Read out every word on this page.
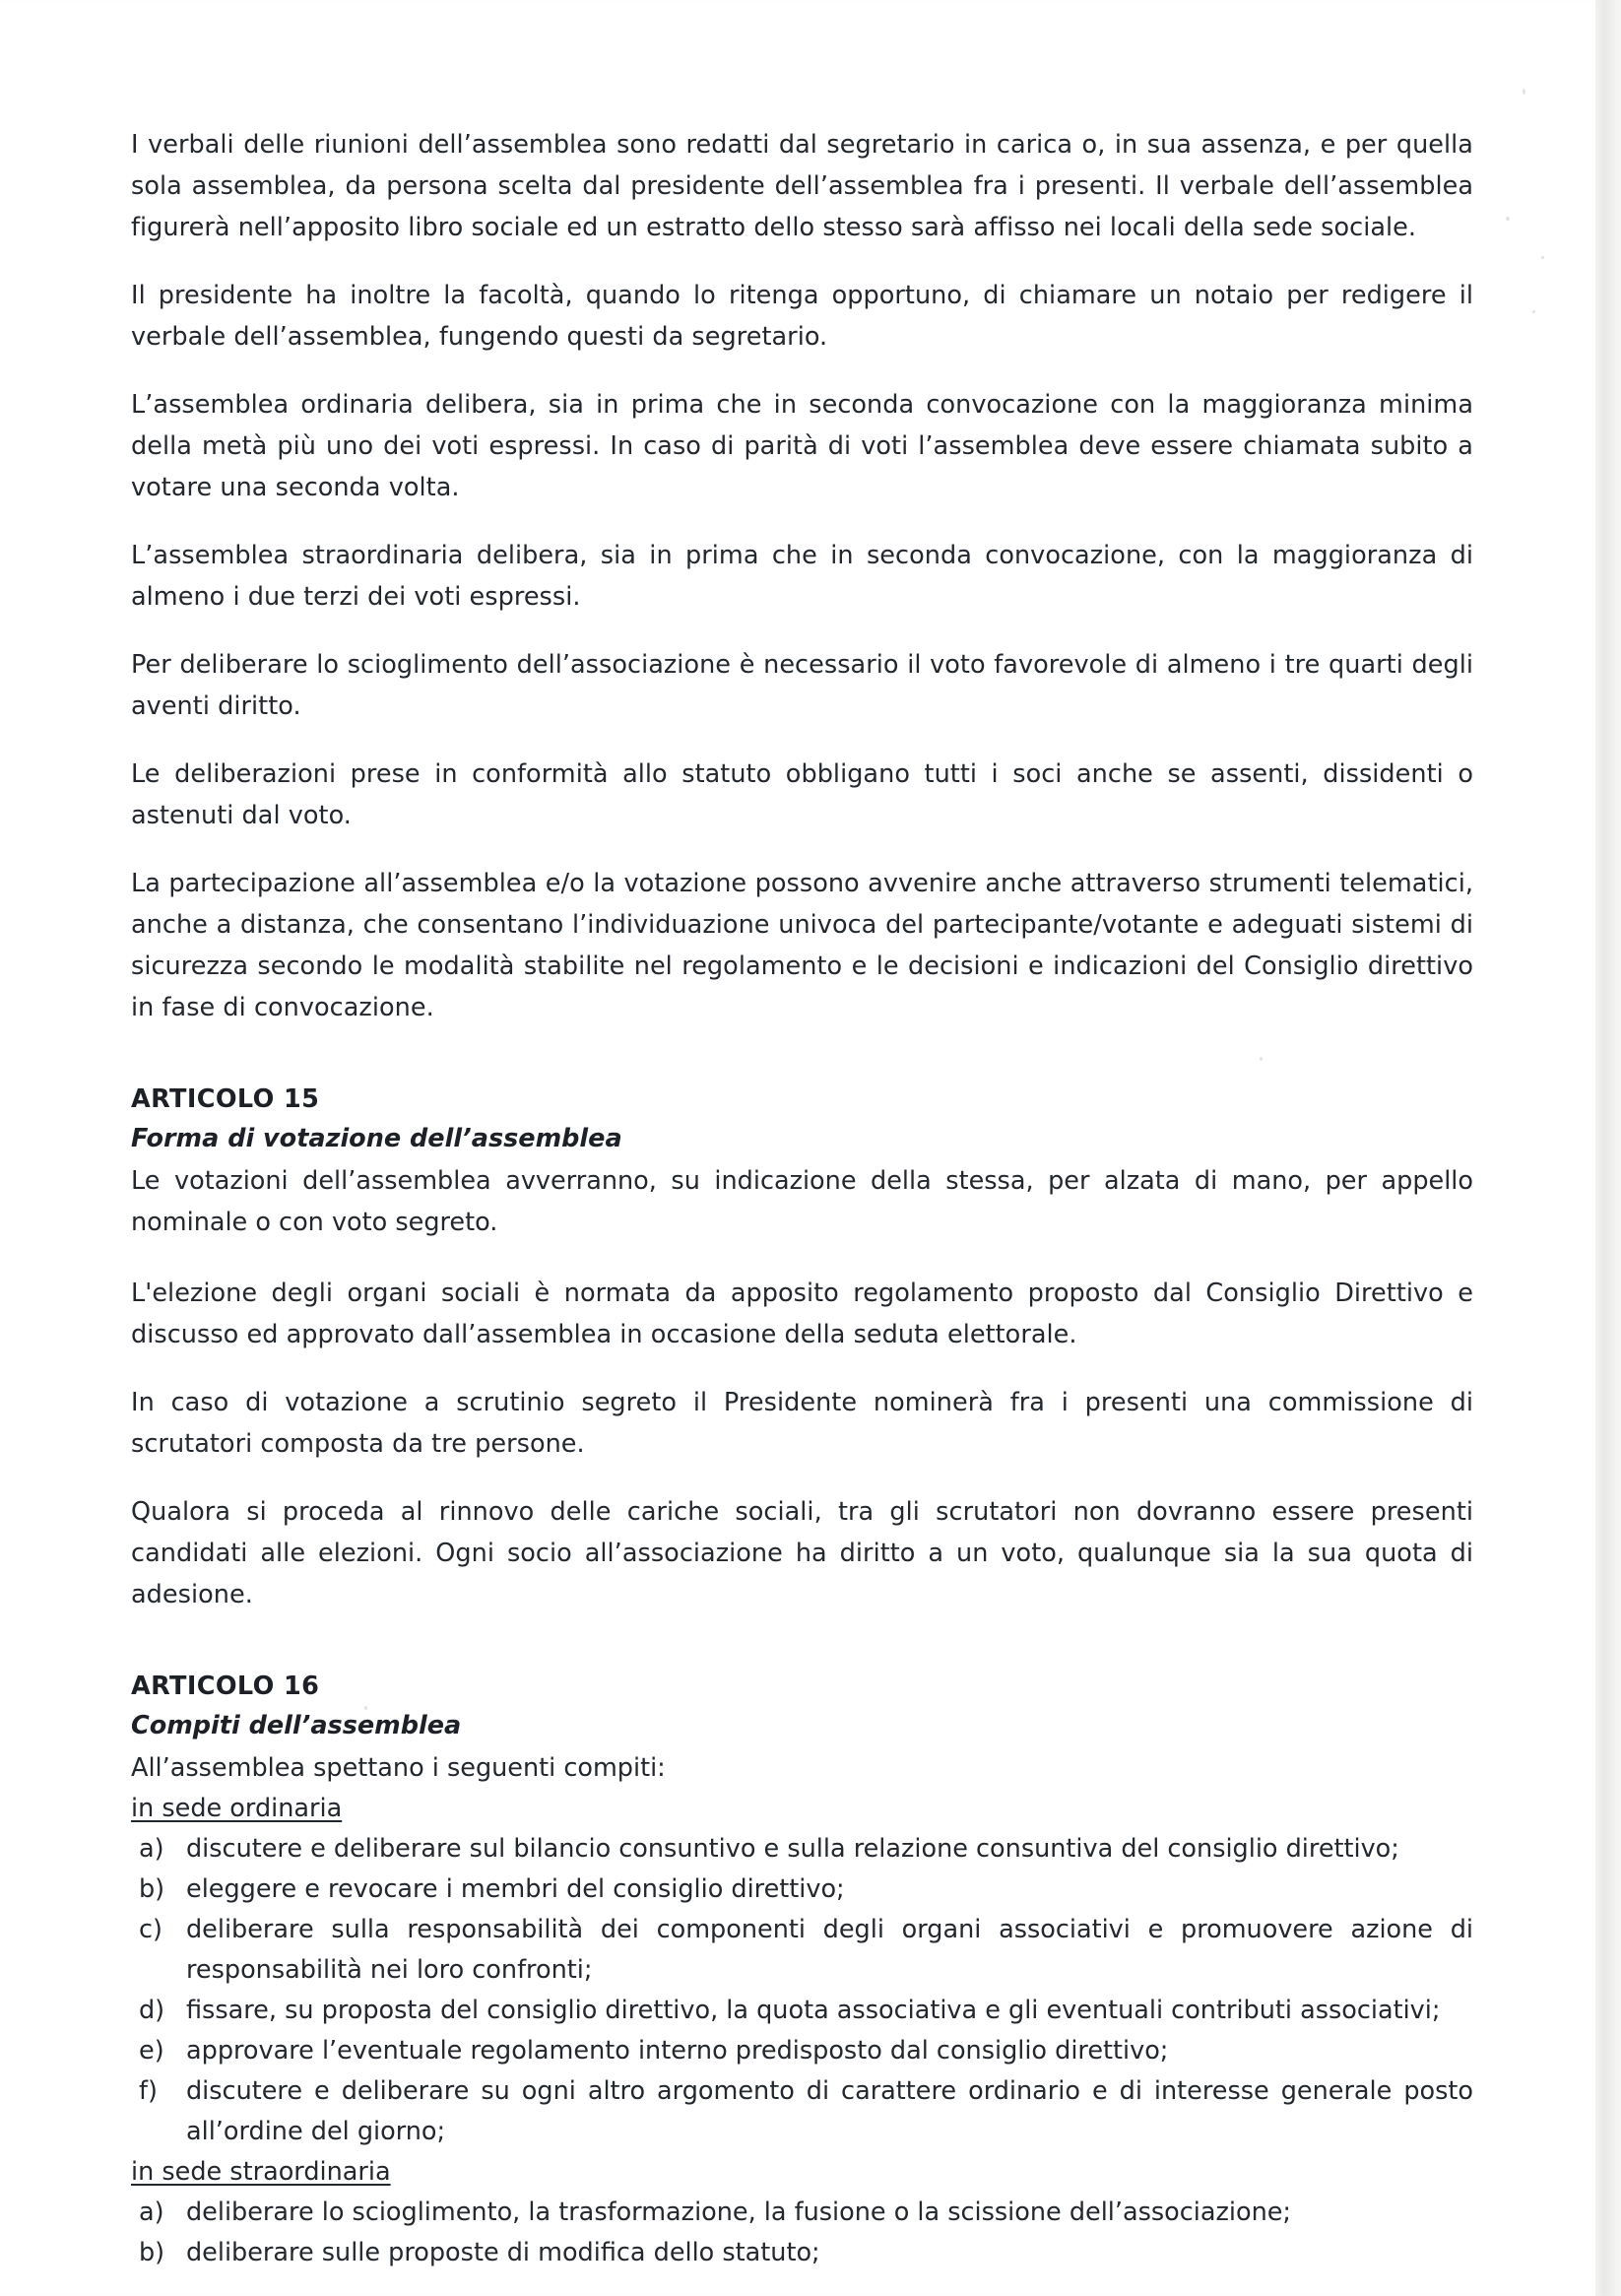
I verbali delle riunioni dell’assemblea sono redatti dal segretario in carica o, in sua assenza, e per quella sola assemblea, da persona scelta dal presidente dell’assemblea fra i presenti. Il verbale dell’assemblea figurerà nell’apposito libro sociale ed un estratto dello stesso sarà affisso nei locali della sede sociale.

Il presidente ha inoltre la facoltà, quando lo ritenga opportuno, di chiamare un notaio per redigere il verbale dell’assemblea, fungendo questi da segretario.

L’assemblea ordinaria delibera, sia in prima che in seconda convocazione con la maggioranza minima della metà più uno dei voti espressi. In caso di parità di voti l’assemblea deve essere chiamata subito a votare una seconda volta.

L’assemblea straordinaria delibera, sia in prima che in seconda convocazione, con la maggioranza di almeno i due terzi dei voti espressi.

Per deliberare lo scioglimento dell’associazione è necessario il voto favorevole di almeno i tre quarti degli aventi diritto.

Le deliberazioni prese in conformità allo statuto obbligano tutti i soci anche se assenti, dissidenti o astenuti dal voto.

La partecipazione all’assemblea e/o la votazione possono avvenire anche attraverso strumenti telematici, anche a distanza, che consentano l’individuazione univoca del partecipante/votante e adeguati sistemi di sicurezza secondo le modalità stabilite nel regolamento e le decisioni e indicazioni del Consiglio direttivo in fase di convocazione.

ARTICOLO 15

Forma di votazione dell’assemblea

Le votazioni dell’assemblea avverranno, su indicazione della stessa, per alzata di mano, per appello nominale o con voto segreto.

L'elezione degli organi sociali è normata da apposito regolamento proposto dal Consiglio Direttivo e discusso ed approvato dall’assemblea in occasione della seduta elettorale.

In caso di votazione a scrutinio segreto il Presidente nominerà fra i presenti una commissione di scrutatori composta da tre persone.

Qualora si proceda al rinnovo delle cariche sociali, tra gli scrutatori non dovranno essere presenti candidati alle elezioni. Ogni socio all’associazione ha diritto a un voto, qualunque sia la sua quota di adesione.

ARTICOLO 16

Compiti dell’assemblea

All’assemblea spettano i seguenti compiti:

in sede ordinaria

a) discutere e deliberare sul bilancio consuntivo e sulla relazione consuntiva del consiglio direttivo;
b) eleggere e revocare i membri del consiglio direttivo;
c) deliberare sulla responsabilità dei componenti degli organi associativi e promuovere azione di responsabilità nei loro confronti;
d) fissare, su proposta del consiglio direttivo, la quota associativa e gli eventuali contributi associativi;
e) approvare l’eventuale regolamento interno predisposto dal consiglio direttivo;
f)	discutere e deliberare su ogni altro argomento di carattere ordinario e di interesse generale posto all’ordine del giorno;

in sede straordinaria

a) deliberare lo scioglimento, la trasformazione, la fusione o la scissione dell’associazione;
b) deliberare sulle proposte di modifica dello statuto;
